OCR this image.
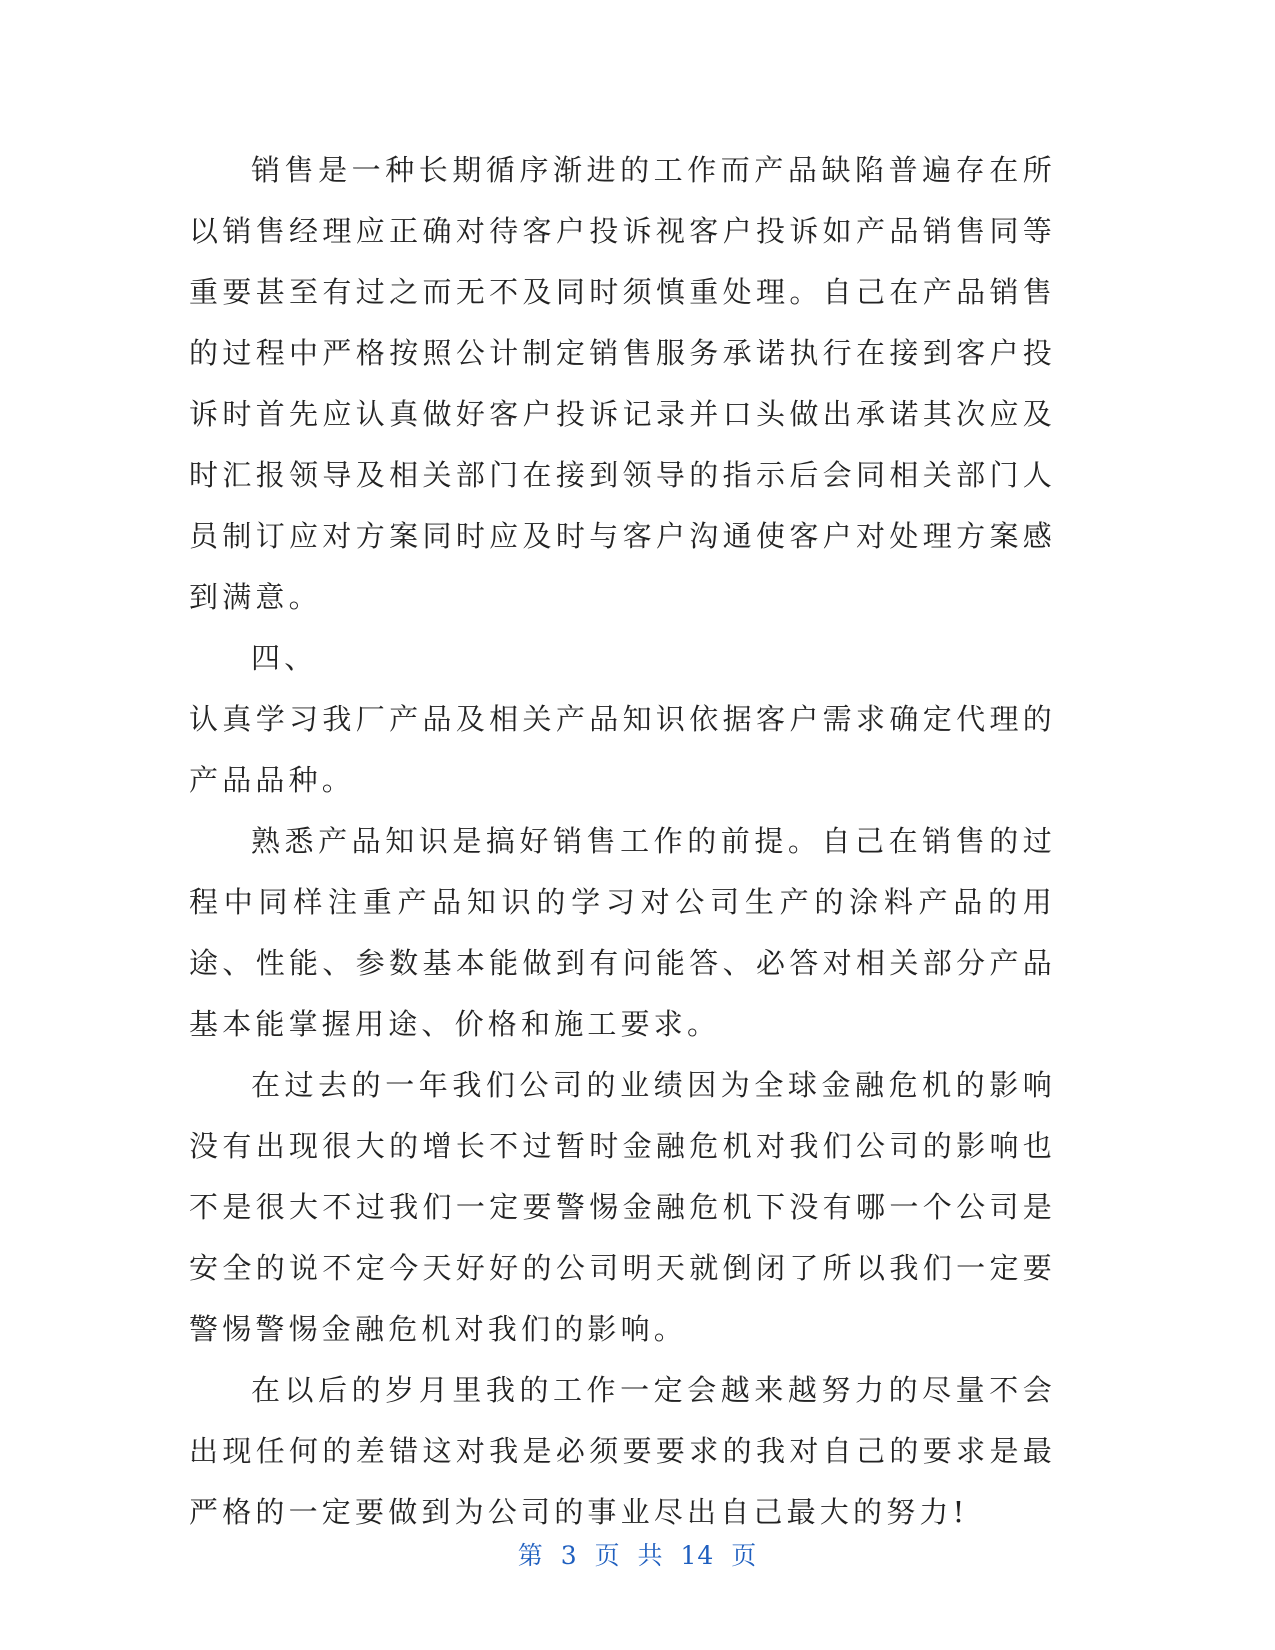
销售是一种长期循序渐进的工作而产品缺陷普遍存在所以销售经理应正确对待客户投诉视客户投诉如产品销售同等重要甚至有过之而无不及同时须慎重处理。自己在产品销售的过程中严格按照公计制定销售服务承诺执行在接到客户投诉时首先应认真做好客户投诉记录并口头做出承诺其次应及时汇报领导及相关部门在接到领导的指示后会同相关部门人员制订应对方案同时应及时与客户沟通使客户对处理方案感到满意。

四、

认真学习我厂产品及相关产品知识依据客户需求确定代理的产品品种。

熟悉产品知识是搞好销售工作的前提。自己在销售的过程中同样注重产品知识的学习对公司生产的涂料产品的用途、性能、参数基本能做到有问能答、必答对相关部分产品基本能掌握用途、价格和施工要求。

在过去的一年我们公司的业绩因为全球金融危机的影响没有出现很大的增长不过暂时金融危机对我们公司的影响也不是很大不过我们一定要警惕金融危机下没有哪一个公司是安全的说不定今天好好的公司明天就倒闭了所以我们一定要警惕警惕金融危机对我们的影响。

在以后的岁月里我的工作一定会越来越努力的尽量不会出现任何的差错这对我是必须要要求的我对自己的要求是最严格的一定要做到为公司的事业尽出自己最大的努力!

第 3 页 共 14 页
